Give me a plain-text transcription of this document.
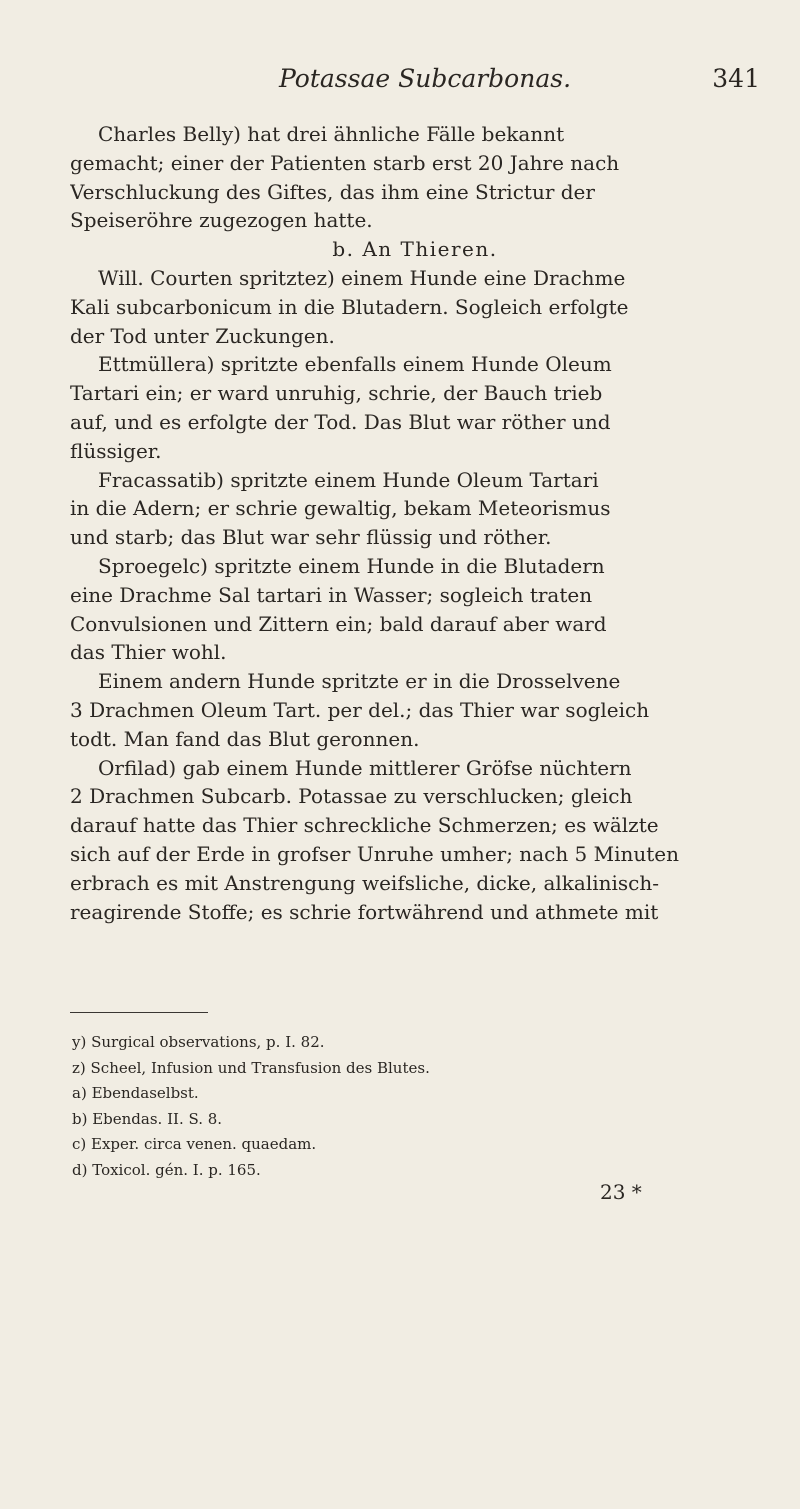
Potassae Subcarbonas.	341
Charles Belly) hat drei ähnliche Fälle bekannt
gemacht; einer der Patienten starb erst 20 Jahre nach
Verschluckung des Giftes, das ihm eine Strictur der
Speiseröhre zugezogen hatte.
b. An Thieren.
Will. Courten spritztez) einem Hunde eine Drachme
Kali subcarbonicum in die Blutadern. Sogleich erfolgte
der Tod unter Zuckungen.
Ettmüllera) spritzte ebenfalls einem Hunde Oleum
Tartari ein; er ward unruhig, schrie, der Bauch trieb
auf, und es erfolgte der Tod. Das Blut war röther und
flüssiger.
Fracassatib) spritzte einem Hunde Oleum Tartari
in die Adern; er schrie gewaltig, bekam Meteorismus
und starb; das Blut war sehr flüssig und röther.
Sproegelc) spritzte einem Hunde in die Blutadern
eine Drachme Sal tartari in Wasser; sogleich traten
Convulsionen und Zittern ein; bald darauf aber ward
das Thier wohl.
Einem andern Hunde spritzte er in die Drosselvene
3 Drachmen Oleum Tart. per del.; das Thier war sogleich
todt. Man fand das Blut geronnen.
Orfilad) gab einem Hunde mittlerer Gröfse nüchtern
2 Drachmen Subcarb. Potassae zu verschlucken; gleich
darauf hatte das Thier schreckliche Schmerzen; es wälzte
sich auf der Erde in grofser Unruhe umher; nach 5 Minuten
erbrach es mit Anstrengung weifsliche, dicke, alkalinisch-
reagirende Stoffe; es schrie fortwährend und athmete mit
y) Surgical observations, p. I. 82.
z) Scheel, Infusion und Transfusion des Blutes.
a) Ebendaselbst.
b) Ebendas. II. S. 8.
c) Exper. circa venen. quaedam.
d) Toxicol. gén. I. p. 165.
23 *
